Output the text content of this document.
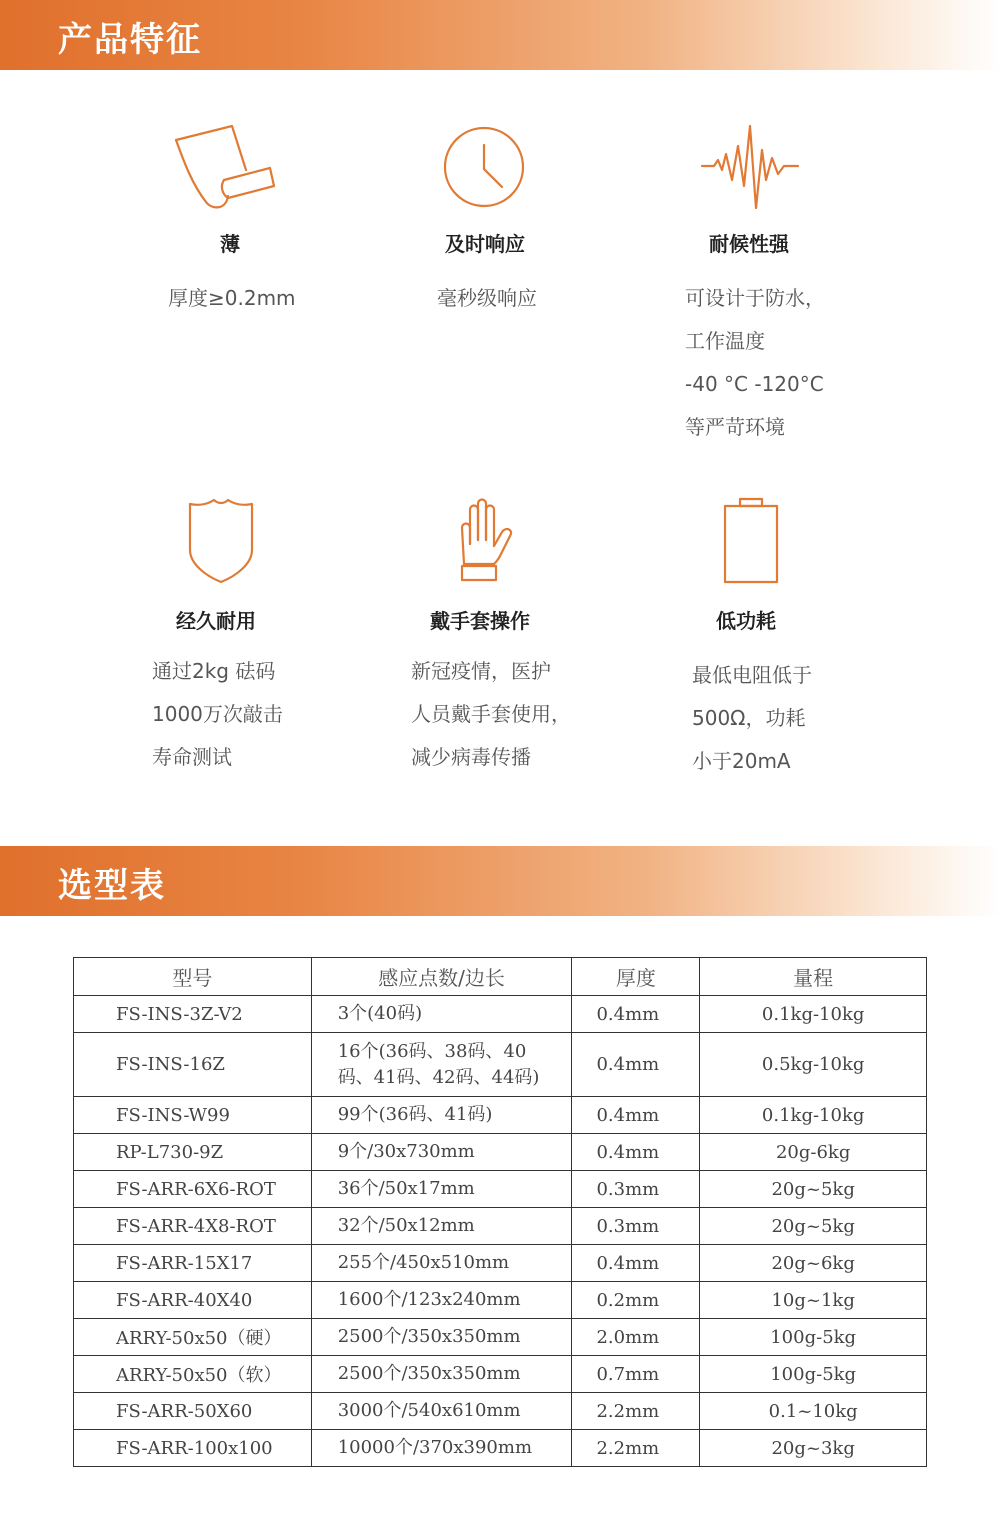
产品特征
薄
厚度≥0.2mm
及时响应
毫秒级响应
耐候性强
可设计于防水，
工作温度
-40 °C -120°C
等严苛环境
经久耐用
通过2kg 砝码
1000万次敲击
寿命测试
戴手套操作
新冠疫情，医护
人员戴手套使用，
减少病毒传播
低功耗
最低电阻低于
500Ω，功耗
小于20mA
选型表
型号	感应点数/边长	厚度	量程
FS-INS-3Z-V2	3个(40码)	0.4mm	0.1kg-10kg
FS-INS-16Z	16个(36码、38码、40码、41码、42码、44码)	0.4mm	0.5kg-10kg
FS-INS-W99	99个(36码、41码)	0.4mm	0.1kg-10kg
RP-L730-9Z	9个/30x730mm	0.4mm	20g-6kg
FS-ARR-6X6-ROT	36个/50x17mm	0.3mm	20g~5kg
FS-ARR-4X8-ROT	32个/50x12mm	0.3mm	20g~5kg
FS-ARR-15X17	255个/450x510mm	0.4mm	20g~6kg
FS-ARR-40X40	1600个/123x240mm	0.2mm	10g~1kg
ARRY-50x50（硬）	2500个/350x350mm	2.0mm	100g-5kg
ARRY-50x50（软）	2500个/350x350mm	0.7mm	100g-5kg
FS-ARR-50X60	3000个/540x610mm	2.2mm	0.1~10kg
FS-ARR-100x100	10000个/370x390mm	2.2mm	20g~3kg
